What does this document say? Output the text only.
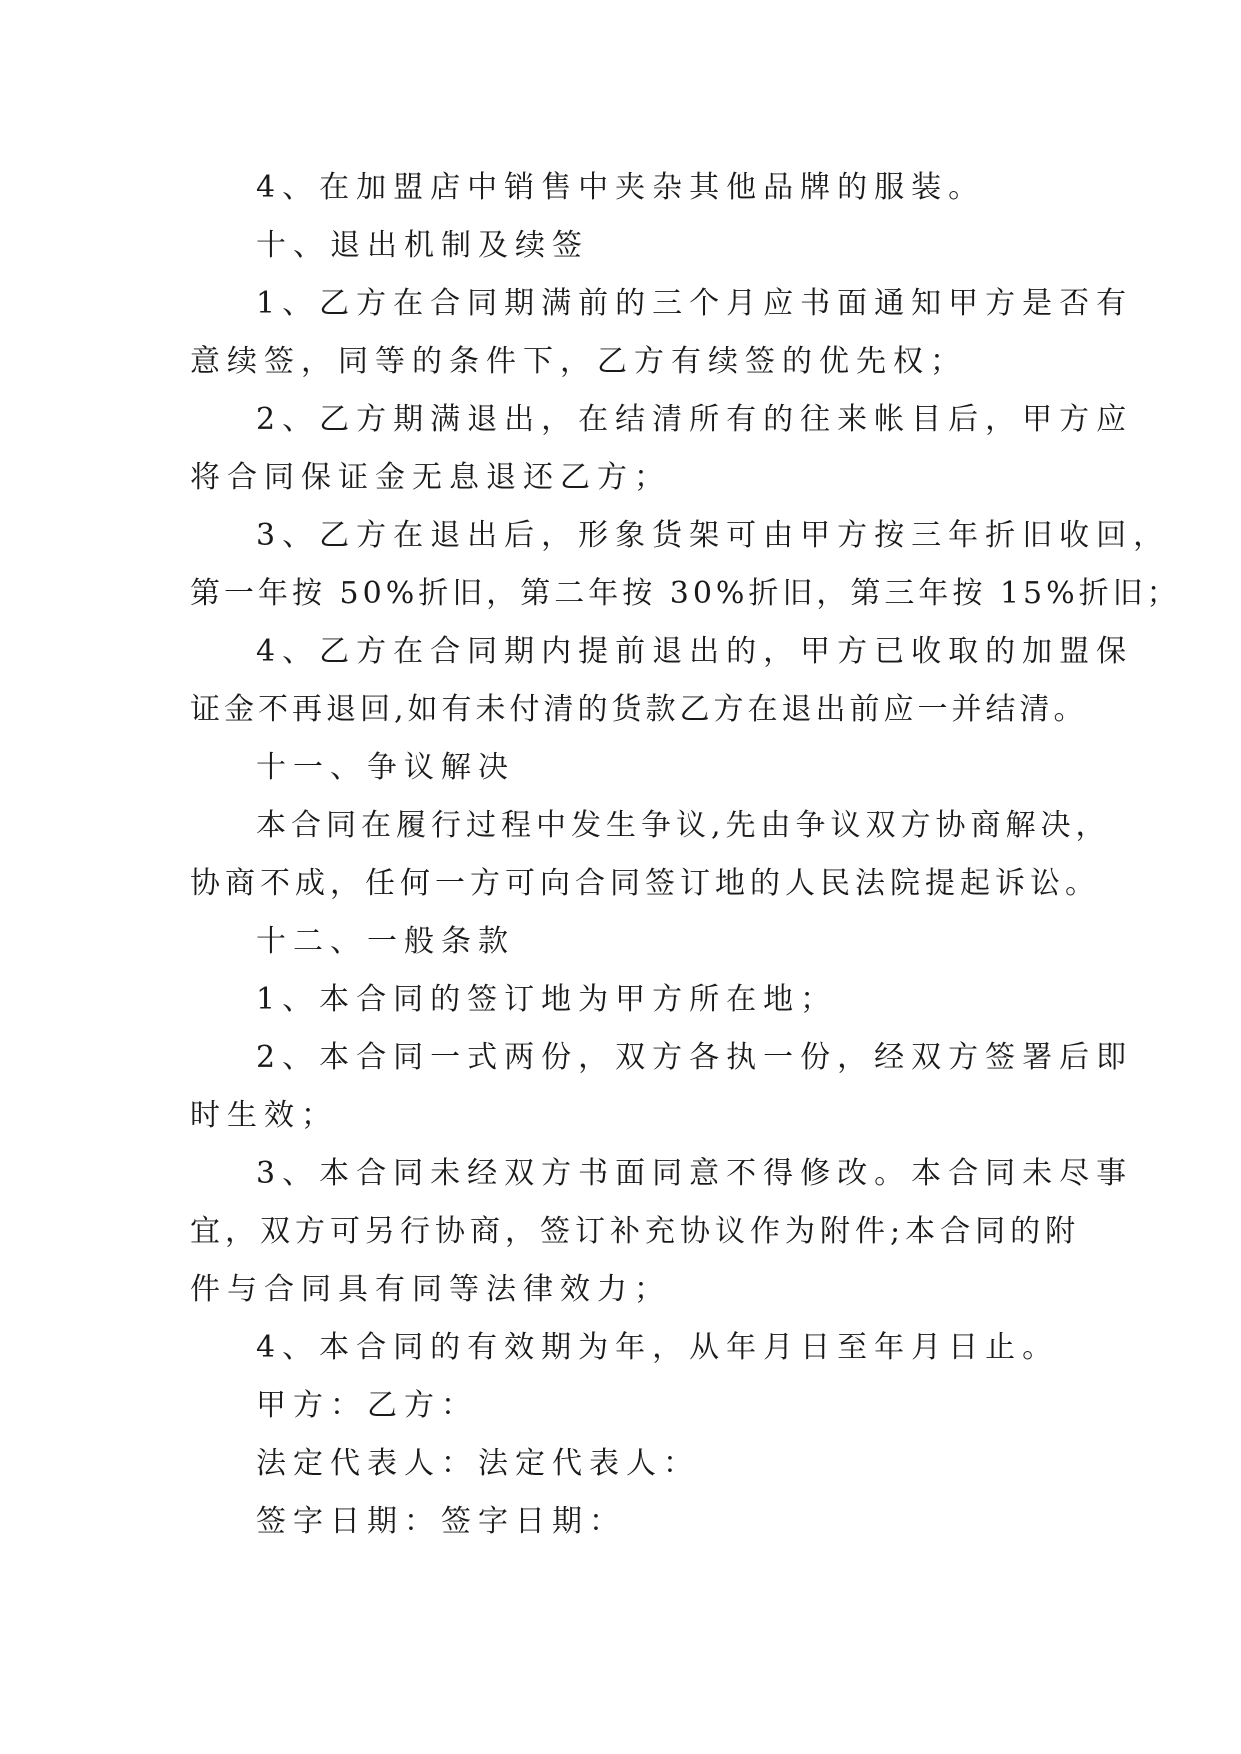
4、在加盟店中销售中夹杂其他品牌的服装。
十、退出机制及续签
1、乙方在合同期满前的三个月应书面通知甲方是否有
意续签，同等的条件下，乙方有续签的优先权；
2、乙方期满退出，在结清所有的往来帐目后，甲方应
将合同保证金无息退还乙方；
3、乙方在退出后，形象货架可由甲方按三年折旧收回，
第一年按 50%折旧，第二年按 30%折旧，第三年按 15%折旧；
4、乙方在合同期内提前退出的，甲方已收取的加盟保
证金不再退回,如有未付清的货款乙方在退出前应一并结清。
十一、争议解决
本合同在履行过程中发生争议,先由争议双方协商解决，
协商不成，任何一方可向合同签订地的人民法院提起诉讼。
十二、一般条款
1、本合同的签订地为甲方所在地；
2、本合同一式两份，双方各执一份，经双方签署后即
时生效；
3、本合同未经双方书面同意不得修改。本合同未尽事
宜，双方可另行协商，签订补充协议作为附件;本合同的附
件与合同具有同等法律效力；
4、本合同的有效期为年，从年月日至年月日止。
甲方：乙方：
法定代表人：法定代表人：
签字日期：签字日期：
